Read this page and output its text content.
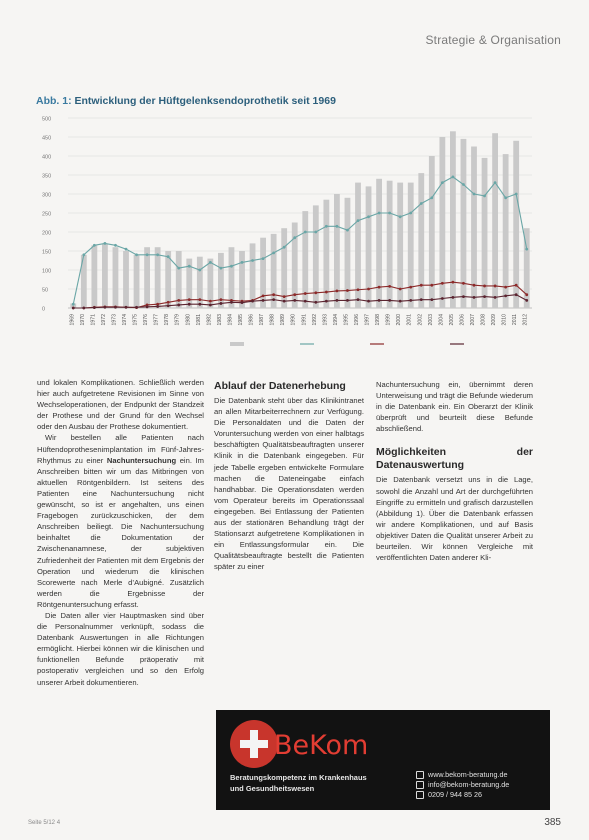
Strategie & Organisation
Abb. 1: Entwicklung der Hüftgelenksendoprothetik seit 1969
0
50
100
150
200
250
300
350
400
450
500
1969 1970 1971 1972 1973 1974 1975 1976 1977 1978 1979 1980 1981 1982 1983 1984 1985 1986 1987 1988 1989 1990 1991 1992 1993 1994 1995 1996 1997 1998 1999 2000 2001 2002 2003 2004 2005 2006 2007 2008 2009 2010 2011 2012

und lokalen Komplikationen. Schließlich werden hier auch aufgetretene Revisionen im Sinne von Wechseloperationen, der Endpunkt der Standzeit der Prothese und der Grund für den Wechsel oder den Ausbau der Prothese dokumentiert.

Wir bestellen alle Patienten nach Hüftendoprothesenimplantation im Fünf-Jahres-Rhythmus zu einer Nachuntersuchung ein. Im Anschreiben bitten wir um das Mitbringen von aktuellen Röntgenbildern. Ist seitens des Patienten eine Nachuntersuchung nicht gewünscht, so ist er angehalten, uns einen Fragebogen zurückzuschicken, der dem Anschreiben beiliegt. Die Nachuntersuchung beinhaltet die Dokumentation der Zwischenanamnese, der subjektiven Zufriedenheit der Patienten mit dem Ergebnis der Operation und wiederum die klinischen Scorewerte nach Merle d’Aubigné. Zusätzlich werden die Ergebnisse der Röntgenuntersuchung erfasst.

Die Daten aller vier Hauptmasken sind über die Personalnummer verknüpft, sodass die Datenbank Auswertungen in alle Richtungen ermöglicht. Hierbei können wir die klinischen und funktionellen Befunde präoperativ mit postoperativ vergleichen und so den Erfolg unserer Arbeit dokumentieren.

Ablauf der Datenerhebung

Die Datenbank steht über das Klinikintranet an allen Mitarbeiterrechnern zur Verfügung. Die Personaldaten und die Daten der Voruntersuchung werden von einer halbtags beschäftigten Qualitätsbeauftragten unserer Klinik in die Datenbank eingegeben. Für jede Tabelle ergeben entwickelte Formulare machen die Dateneingabe einfach handhabbar. Die Operationsdaten werden vom Operateur bereits im Operationssaal eingegeben. Bei Entlassung der Patienten aus der stationären Behandlung trägt der Stationsarzt aufgetretene Komplikationen in ein Entlassungsformular ein. Die Qualitätsbeauftragte bestellt die Patienten später zu einer

Nachuntersuchung ein, übernimmt deren Unterweisung und trägt die Befunde wiederum in die Datenbank ein. Ein Oberarzt der Klinik überprüft und beurteilt diese Befunde abschließend.

Möglichkeiten der Datenauswertung

Die Datenbank versetzt uns in die Lage, sowohl die Anzahl und Art der durchgeführten Eingriffe zu ermitteln und grafisch darzustellen (Abbildung 1). Über die Datenbank erfassen wir andere Komplikationen, und auf Basis objektiver Daten die Qualität unserer Arbeit zu beurteilen. Wir können Vergleiche mit veröffentlichten Daten anderer Kli-

BeKom
Beratungskompetenz im Krankenhaus
und Gesundheitswesen
www.bekom-beratung.de
info@bekom-beratung.de
0209 / 944 85 26
Seite 5/12 4	385
